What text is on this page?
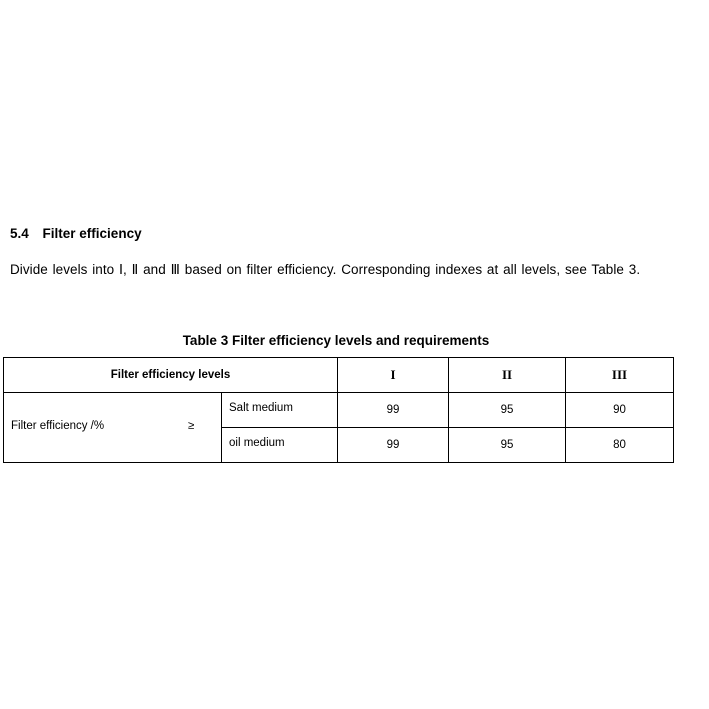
5.4 Filter efficiency
Divide levels into Ⅰ, Ⅱ and Ⅲ based on filter efficiency. Corresponding indexes at all levels, see Table 3.
Table 3 Filter efficiency levels and requirements
Filter efficiency levels		I	II	III

Filter efficiency /% ≥	Salt medium	99	95	90

	oil medium	99	95	80
